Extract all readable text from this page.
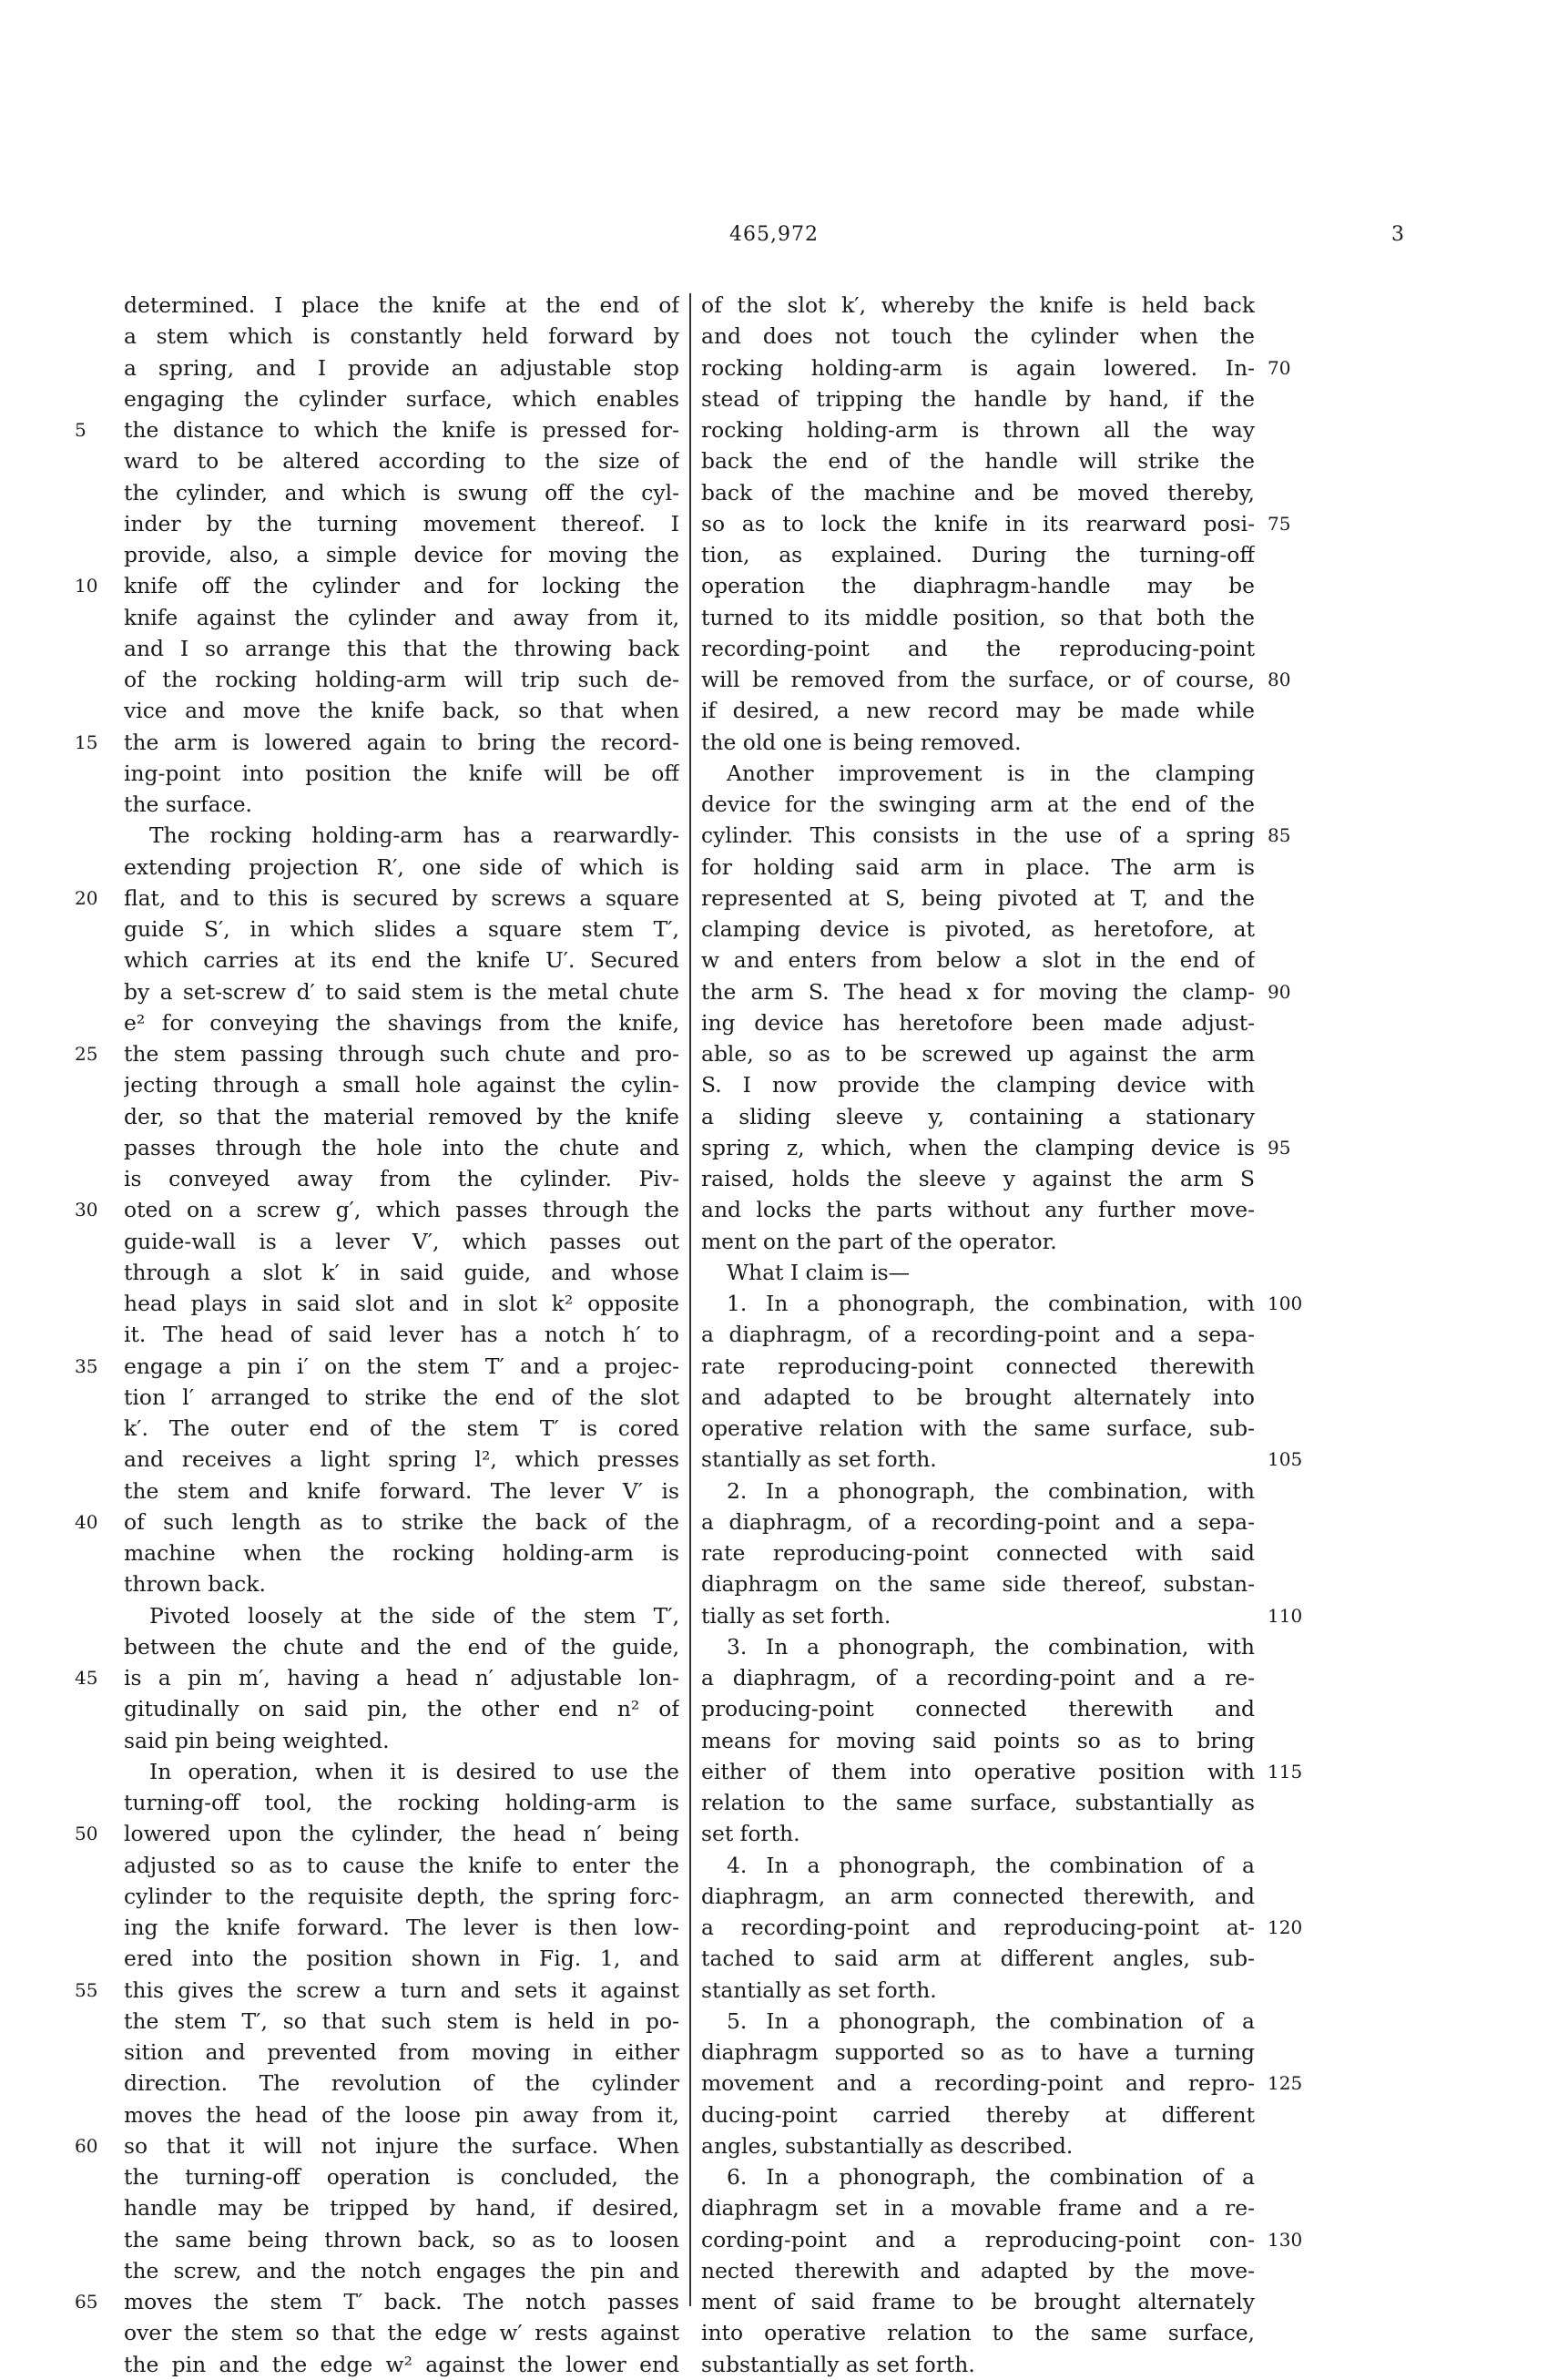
465,972	3
determined. I place the knife at the end of
a stem which is constantly held forward by
a spring, and I provide an adjustable stop
engaging the cylinder surface, which enables
the distance to which the knife is pressed for-
ward to be altered according to the size of
the cylinder, and which is swung off the cyl-
inder by the turning movement thereof. I
provide, also, a simple device for moving the
knife off the cylinder and for locking the
knife against the cylinder and away from it,
and I so arrange this that the throwing back
of the rocking holding-arm will trip such de-
vice and move the knife back, so that when
the arm is lowered again to bring the record-
ing-point into position the knife will be off
the surface.
The rocking holding-arm has a rearwardly-
extending projection R′, one side of which is
flat, and to this is secured by screws a square
guide S′, in which slides a square stem T′,
which carries at its end the knife U′. Secured
by a set-screw d′ to said stem is the metal chute
e² for conveying the shavings from the knife,
the stem passing through such chute and pro-
jecting through a small hole against the cylin-
der, so that the material removed by the knife
passes through the hole into the chute and
is conveyed away from the cylinder. Piv-
oted on a screw g′, which passes through the
guide-wall is a lever V′, which passes out
through a slot k′ in said guide, and whose
head plays in said slot and in slot k² opposite
it. The head of said lever has a notch h′ to
engage a pin i′ on the stem T′ and a projec-
tion l′ arranged to strike the end of the slot
k′. The outer end of the stem T′ is cored
and receives a light spring l², which presses
the stem and knife forward. The lever V′ is
of such length as to strike the back of the
machine when the rocking holding-arm is
thrown back.
Pivoted loosely at the side of the stem T′,
between the chute and the end of the guide,
is a pin m′, having a head n′ adjustable lon-
gitudinally on said pin, the other end n² of
said pin being weighted.
In operation, when it is desired to use the
turning-off tool, the rocking holding-arm is
lowered upon the cylinder, the head n′ being
adjusted so as to cause the knife to enter the
cylinder to the requisite depth, the spring forc-
ing the knife forward. The lever is then low-
ered into the position shown in Fig. 1, and
this gives the screw a turn and sets it against
the stem T′, so that such stem is held in po-
sition and prevented from moving in either
direction. The revolution of the cylinder
moves the head of the loose pin away from it,
so that it will not injure the surface. When
the turning-off operation is concluded, the
handle may be tripped by hand, if desired,
the same being thrown back, so as to loosen
the screw, and the notch engages the pin and
moves the stem T′ back. The notch passes
over the stem so that the edge w′ rests against
the pin and the edge w² against the lower end
of the slot k′, whereby the knife is held back
and does not touch the cylinder when the
rocking holding-arm is again lowered. In-
stead of tripping the handle by hand, if the
rocking holding-arm is thrown all the way
back the end of the handle will strike the
back of the machine and be moved thereby,
so as to lock the knife in its rearward posi-
tion, as explained. During the turning-off
operation the diaphragm-handle may be
turned to its middle position, so that both the
recording-point and the reproducing-point
will be removed from the surface, or of course,
if desired, a new record may be made while
the old one is being removed.
Another improvement is in the clamping
device for the swinging arm at the end of the
cylinder. This consists in the use of a spring
for holding said arm in place. The arm is
represented at S, being pivoted at T, and the
clamping device is pivoted, as heretofore, at
w and enters from below a slot in the end of
the arm S. The head x for moving the clamp-
ing device has heretofore been made adjust-
able, so as to be screwed up against the arm
S. I now provide the clamping device with
a sliding sleeve y, containing a stationary
spring z, which, when the clamping device is
raised, holds the sleeve y against the arm S
and locks the parts without any further move-
ment on the part of the operator.
What I claim is—
1. In a phonograph, the combination, with
a diaphragm, of a recording-point and a sepa-
rate reproducing-point connected therewith
and adapted to be brought alternately into
operative relation with the same surface, sub-
stantially as set forth.
2. In a phonograph, the combination, with
a diaphragm, of a recording-point and a sepa-
rate reproducing-point connected with said
diaphragm on the same side thereof, substan-
tially as set forth.
3. In a phonograph, the combination, with
a diaphragm, of a recording-point and a re-
producing-point connected therewith and
means for moving said points so as to bring
either of them into operative position with
relation to the same surface, substantially as
set forth.
4. In a phonograph, the combination of a
diaphragm, an arm connected therewith, and
a recording-point and reproducing-point at-
tached to said arm at different angles, sub-
stantially as set forth.
5. In a phonograph, the combination of a
diaphragm supported so as to have a turning
movement and a recording-point and repro-
ducing-point carried thereby at different
angles, substantially as described.
6. In a phonograph, the combination of a
diaphragm set in a movable frame and a re-
cording-point and a reproducing-point con-
nected therewith and adapted by the move-
ment of said frame to be brought alternately
into operative relation to the same surface,
substantially as set forth.
5
10
15
20
25
30
35
40
45
50
55
60
65
70
75
80
85
90
95
100
105
110
115
120
125
130
